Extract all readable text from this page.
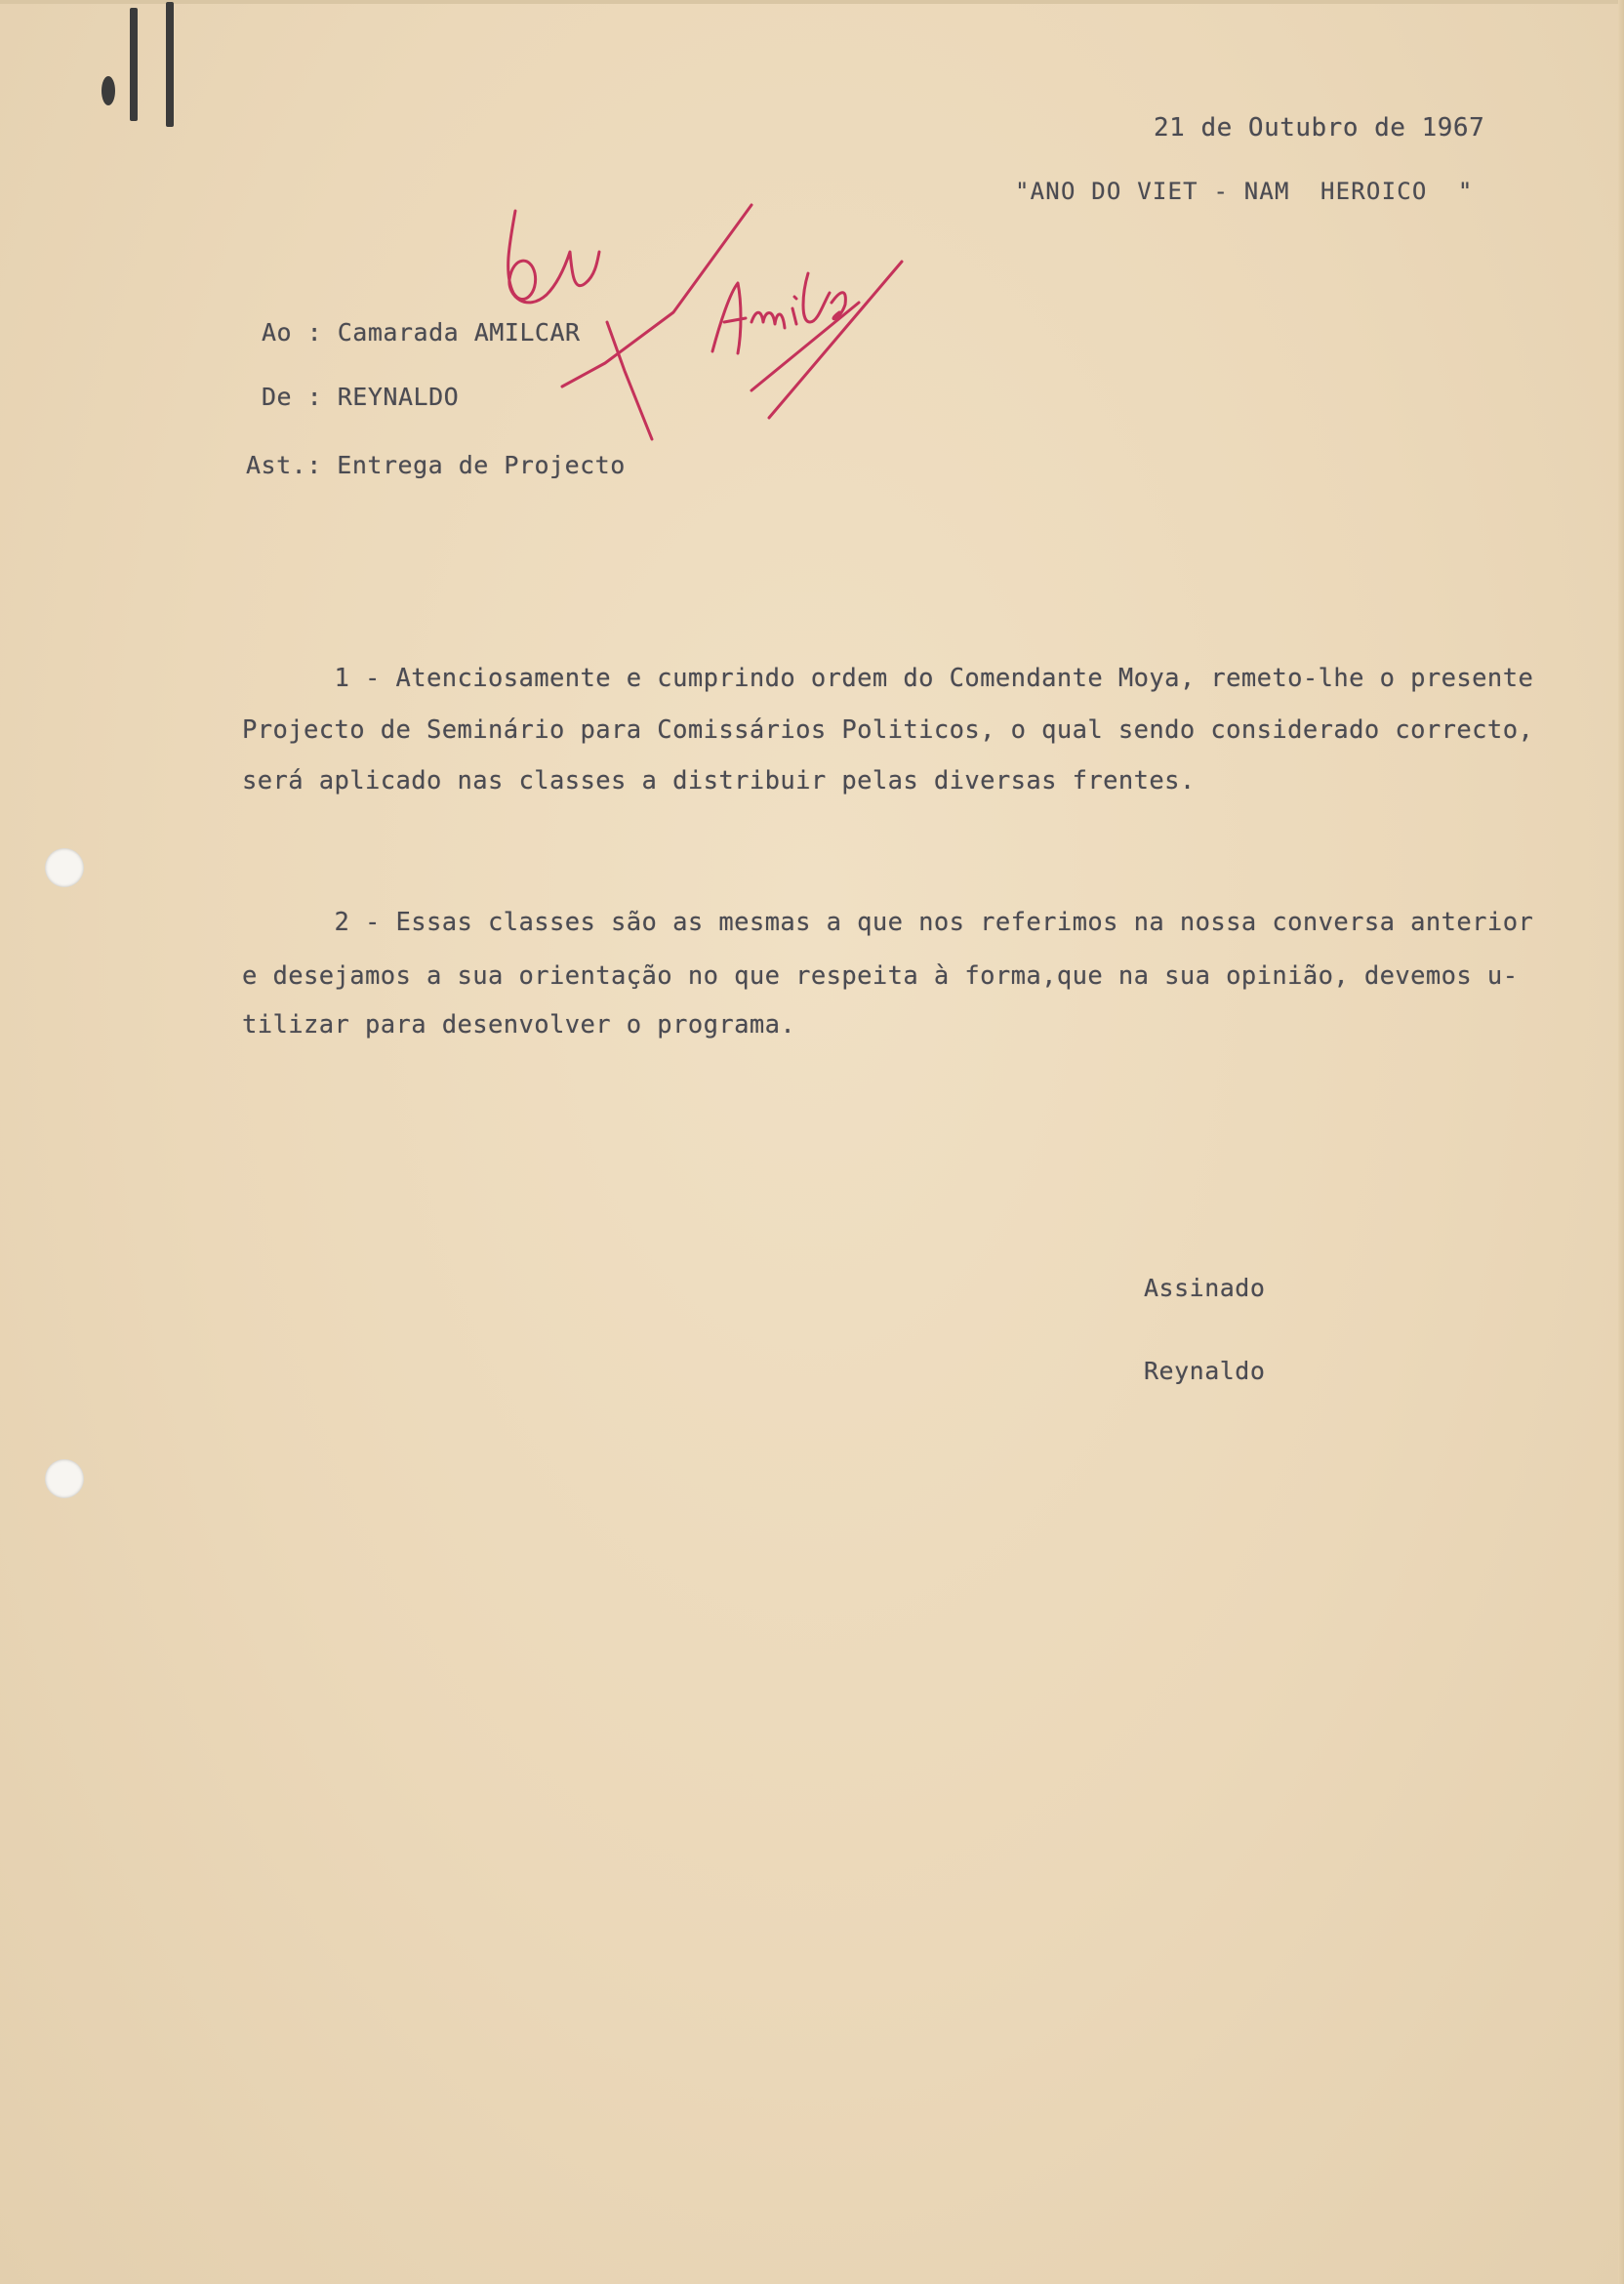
21 de Outubro de 1967
"ANO DO VIET - NAM  HEROICO  "
Ao : Camarada AMILCAR
De : REYNALDO
Ast.: Entrega de Projecto
1 - Atenciosamente e cumprindo ordem do Comendante Moya, remeto-lhe o presente
Projecto de Seminário para Comissários Politicos, o qual sendo considerado correcto,
será aplicado nas classes a distribuir pelas diversas frentes.
2 - Essas classes são as mesmas a que nos referimos na nossa conversa anterior
e desejamos a sua orientação no que respeita à forma,que na sua opinião, devemos u-
tilizar para desenvolver o programa.
Assinado
Reynaldo
